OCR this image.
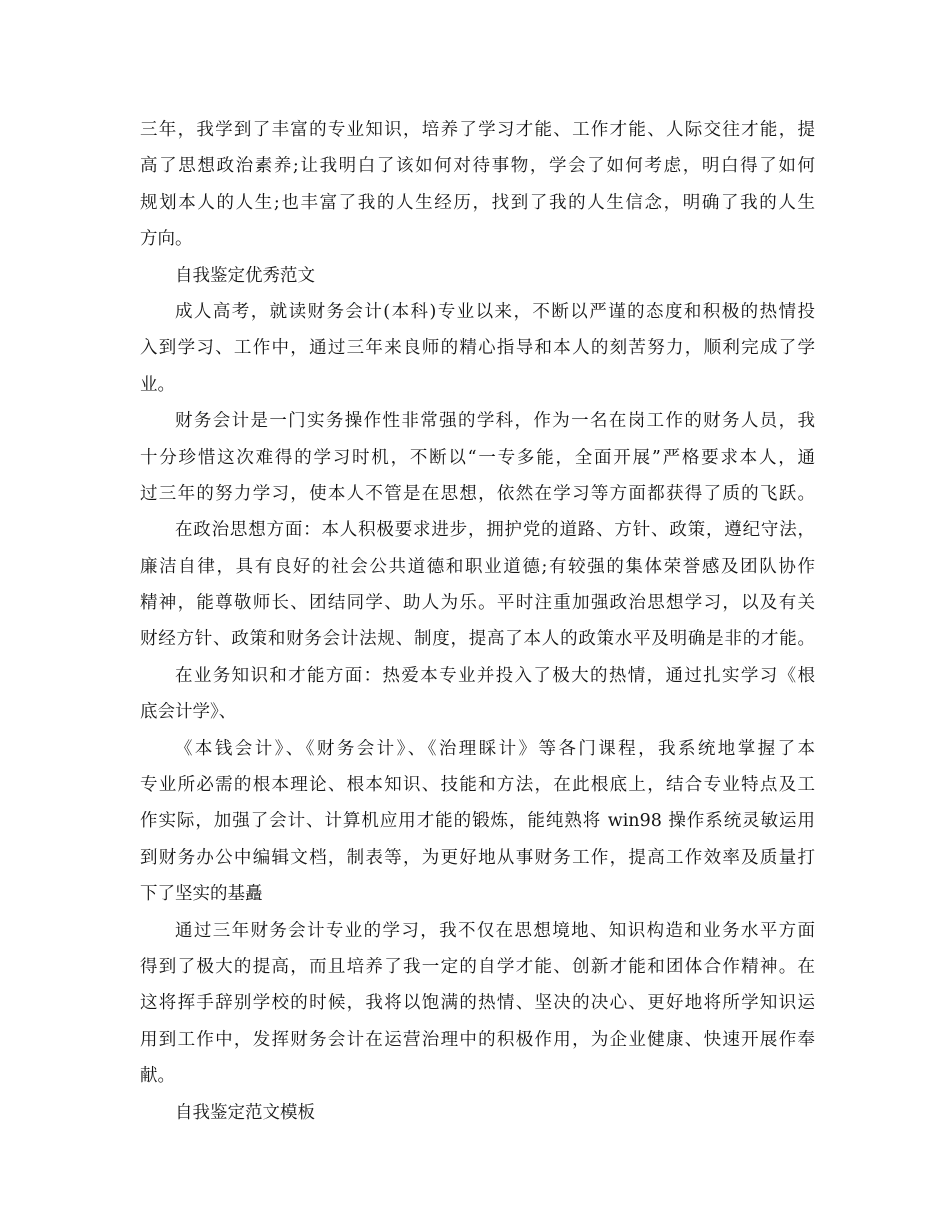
三年，我学到了丰富的专业知识，培养了学习才能、工作才能、人际交往才能，提
高了思想政治素养;让我明白了该如何对待事物，学会了如何考虑，明白得了如何
规划本人的人生;也丰富了我的人生经历，找到了我的人生信念，明确了我的人生
方向。
自我鉴定优秀范文
成人高考，就读财务会计(本科)专业以来，不断以严谨的态度和积极的热情投
入到学习、工作中，通过三年来良师的精心指导和本人的刻苦努力，顺利完成了学
业。
财务会计是一门实务操作性非常强的学科，作为一名在岗工作的财务人员，我
十分珍惜这次难得的学习时机，不断以“一专多能，全面开展”严格要求本人，通
过三年的努力学习，使本人不管是在思想，依然在学习等方面都获得了质的飞跃。
在政治思想方面：本人积极要求进步，拥护党的道路、方针、政策，遵纪守法，
廉洁自律，具有良好的社会公共道德和职业道德;有较强的集体荣誉感及团队协作
精神，能尊敬师长、团结同学、助人为乐。平时注重加强政治思想学习，以及有关
财经方针、政策和财务会计法规、制度，提高了本人的政策水平及明确是非的才能。
在业务知识和才能方面：热爱本专业并投入了极大的热情，通过扎实学习《根
底会计学》、
《本钱会计》、《财务会计》、《治理睬计》等各门课程，我系统地掌握了本
专业所必需的根本理论、根本知识、技能和方法，在此根底上，结合专业特点及工
作实际，加强了会计、计算机应用才能的锻炼，能纯熟将 win98 操作系统灵敏运用
到财务办公中编辑文档，制表等，为更好地从事财务工作，提高工作效率及质量打
下了坚实的基矗
通过三年财务会计专业的学习，我不仅在思想境地、知识构造和业务水平方面
得到了极大的提高，而且培养了我一定的自学才能、创新才能和团体合作精神。在
这将挥手辞别学校的时候，我将以饱满的热情、坚决的决心、更好地将所学知识运
用到工作中，发挥财务会计在运营治理中的积极作用，为企业健康、快速开展作奉
献。
自我鉴定范文模板
